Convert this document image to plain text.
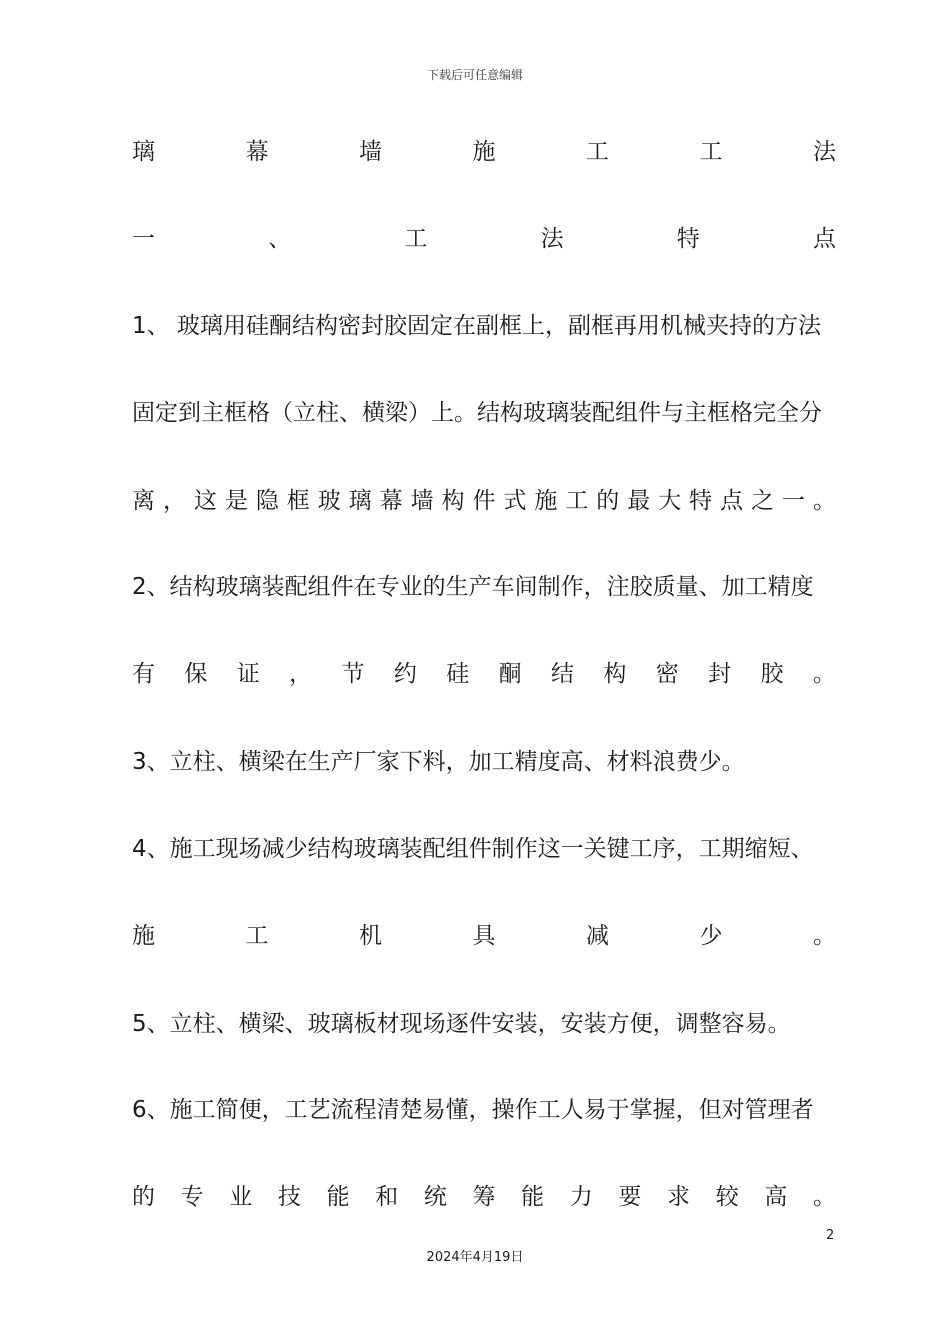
下载后可任意编辑
璃	幕	墙	施	工	工	法
一	、	工	法	特	点
1、 玻璃用硅酮结构密封胶固定在副框上，副框再用机械夹持的方法
固定到主框格（立柱、横梁）上。结构玻璃装配组件与主框格完全分
离 ， 这 是 隐 框 玻 璃 幕 墙 构 件 式 施 工 的 最 大 特 点 之 一 。
2、结构玻璃装配组件在专业的生产车间制作，注胶质量、加工精度
有 保 证 ， 节 约 硅 酮 结 构 密 封 胶 。
3、立柱、横梁在生产厂家下料，加工精度高、材料浪费少。
4、施工现场减少结构玻璃装配组件制作这一关键工序，工期缩短、
施	工	机	具	减	少	。
5、立柱、横梁、玻璃板材现场逐件安装，安装方便，调整容易。
6、施工简便，工艺流程清楚易懂，操作工人易于掌握，但对管理者
的 专 业 技 能 和 统 筹 能 力 要 求 较 高 。
2
2024年4月19日
